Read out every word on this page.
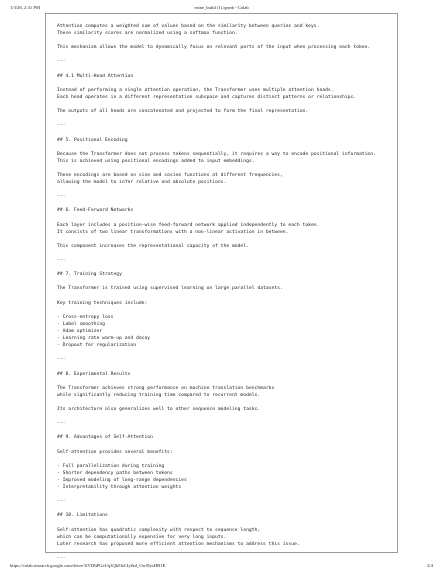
1/3/26, 2:31 PM	ezine_build (1).ipynb - Colab
Attention computes a weighted sum of values based on the similarity between queries and keys.
These similarity scores are normalized using a softmax function.
This mechanism allows the model to dynamically focus on relevant parts of the input when processing each token.
---
## 4.1 Multi-Head Attention
Instead of performing a single attention operation, the Transformer uses multiple attention heads.
Each head operates in a different representation subspace and captures distinct patterns or relationships.
The outputs of all heads are concatenated and projected to form the final representation.
---
## 5. Positional Encoding
Because the Transformer does not process tokens sequentially, it requires a way to encode positional information.
This is achieved using positional encodings added to input embeddings.
These encodings are based on sine and cosine functions at different frequencies,
allowing the model to infer relative and absolute positions.
---
## 6. Feed-Forward Networks
Each layer includes a position-wise feed-forward network applied independently to each token.
It consists of two linear transformations with a non-linear activation in between.
This component increases the representational capacity of the model.
---
## 7. Training Strategy
The Transformer is trained using supervised learning on large parallel datasets.
Key training techniques include:
- Cross-entropy loss
- Label smoothing
- Adam optimizer
- Learning rate warm-up and decay
- Dropout for regularization
---
## 8. Experimental Results
The Transformer achieves strong performance on machine translation benchmarks
while significantly reducing training time compared to recurrent models.
Its architecture also generalizes well to other sequence modeling tasks.
---
## 9. Advantages of Self-Attention
Self-attention provides several benefits:
- Full parallelization during training
- Shorter dependency paths between tokens
- Improved modeling of long-range dependencies
- Interpretability through attention weights
---
## 10. Limitations
Self-attention has quadratic complexity with respect to sequence length,
which can be computationally expensive for very long inputs.
Later research has proposed more efficient attention mechanisms to address this issue.
---
https://colab.research.google.com/drive/1fVDhPGeUq3Qb5IzCIyfkd_Ow5IysHB1E	2/4
